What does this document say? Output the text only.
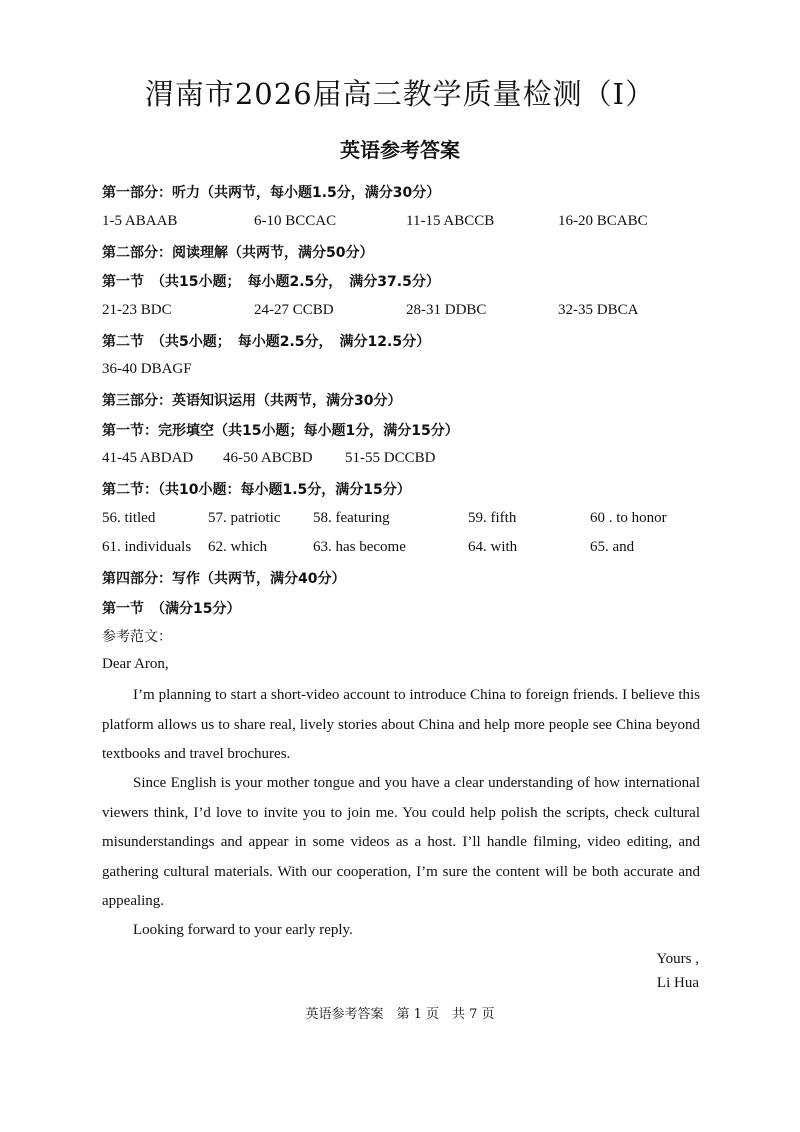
渭南市2026届高三教学质量检测（Ⅰ）
英语参考答案
第一部分：听力（共两节，每小题1.5分，满分30分）
1-5 ABAAB	6-10 BCCAC	11-15 ABCCB	16-20 BCABC
第二部分：阅读理解（共两节，满分50分）
第一节　（共15小题；　每小题2.5分，　满分37.5分）
21-23 BDC	24-27 CCBD	28-31 DDBC	32-35 DBCA
第二节　（共5小题；　每小题2.5分，　满分12.5分）
36-40 DBAGF
第三部分：英语知识运用（共两节，满分30分）
第一节：完形填空（共15小题；每小题1分，满分15分）
41-45 ABDAD 46-50 ABCBD 51-55 DCCBD
第二节：（共10小题：每小题1.5分，满分15分）
56. titled	57. patriotic 58. featuring	59. fifth	60 . to honor
61. individuals 62. which	63. has become	64. with	65. and
第四部分：写作（共两节，满分40分）
第一节　（满分15分）
参考范文：
Dear Aron,
I’m planning to start a short-video account to introduce China to foreign friends. I believe this platform allows us to share real, lively stories about China and help more people see China beyond textbooks and travel brochures.
Since English is your mother tongue and you have a clear understanding of how international viewers think, I’d love to invite you to join me. You could help polish the scripts, check cultural misunderstandings and appear in some videos as a host. I’ll handle filming, video editing, and gathering cultural materials. With our cooperation, I’m sure the content will be both accurate and appealing.
Looking forward to your early reply.
Yours ,
Li Hua
英语参考答案　第 1 页　共 7 页
